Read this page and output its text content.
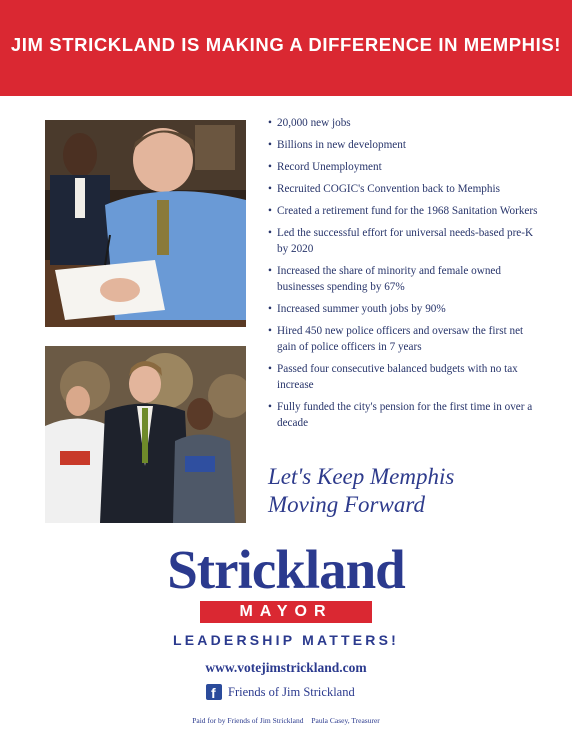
JIM STRICKLAND IS MAKING A DIFFERENCE IN MEMPHIS!
• 20,000 new jobs
• Billions in new development
• Record Unemployment
• Recruited COGIC's Convention back to Memphis
• Created a retirement fund for the 1968 Sanitation Workers
• Led the successful effort for universal needs-based pre-K by 2020
• Increased the share of minority and female owned businesses spending by 67%
• Increased summer youth jobs by 90%
• Hired 450 new police officers and oversaw the first net gain of police officers in 7 years
• Passed four consecutive balanced budgets with no tax increase
• Fully funded the city's pension for the first time in over a decade
Let's Keep Memphis
Moving Forward
Strickland
MAYOR
LEADERSHIP MATTERS!
www.votejimstrickland.com
f Friends of Jim Strickland
Paid for by Friends of Jim Strickland Paula Casey, Treasurer
